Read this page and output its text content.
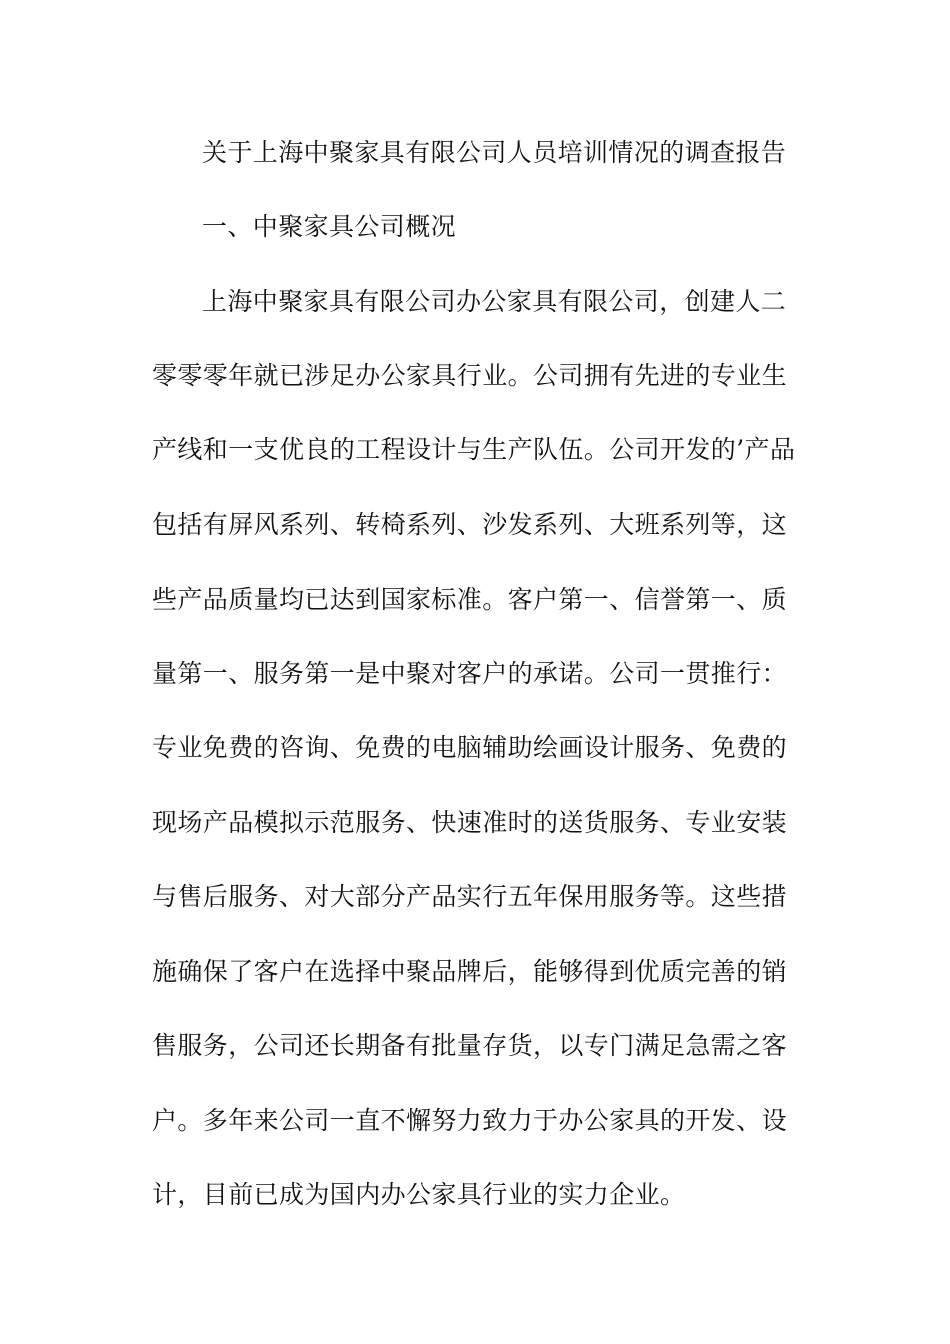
关于上海中聚家具有限公司人员培训情况的调查报告
一、中聚家具公司概况
上海中聚家具有限公司办公家具有限公司，创建人二
零零零年就已涉足办公家具行业。公司拥有先进的专业生
产线和一支优良的工程设计与生产队伍。公司开发的’产品
包括有屏风系列、转椅系列、沙发系列、大班系列等，这
些产品质量均已达到国家标准。客户第一、信誉第一、质
量第一、服务第一是中聚对客户的承诺。公司一贯推行：
专业免费的咨询、免费的电脑辅助绘画设计服务、免费的
现场产品模拟示范服务、快速准时的送货服务、专业安装
与售后服务、对大部分产品实行五年保用服务等。这些措
施确保了客户在选择中聚品牌后，能够得到优质完善的销
售服务，公司还长期备有批量存货，以专门满足急需之客
户。多年来公司一直不懈努力致力于办公家具的开发、设
计，目前已成为国内办公家具行业的实力企业。
